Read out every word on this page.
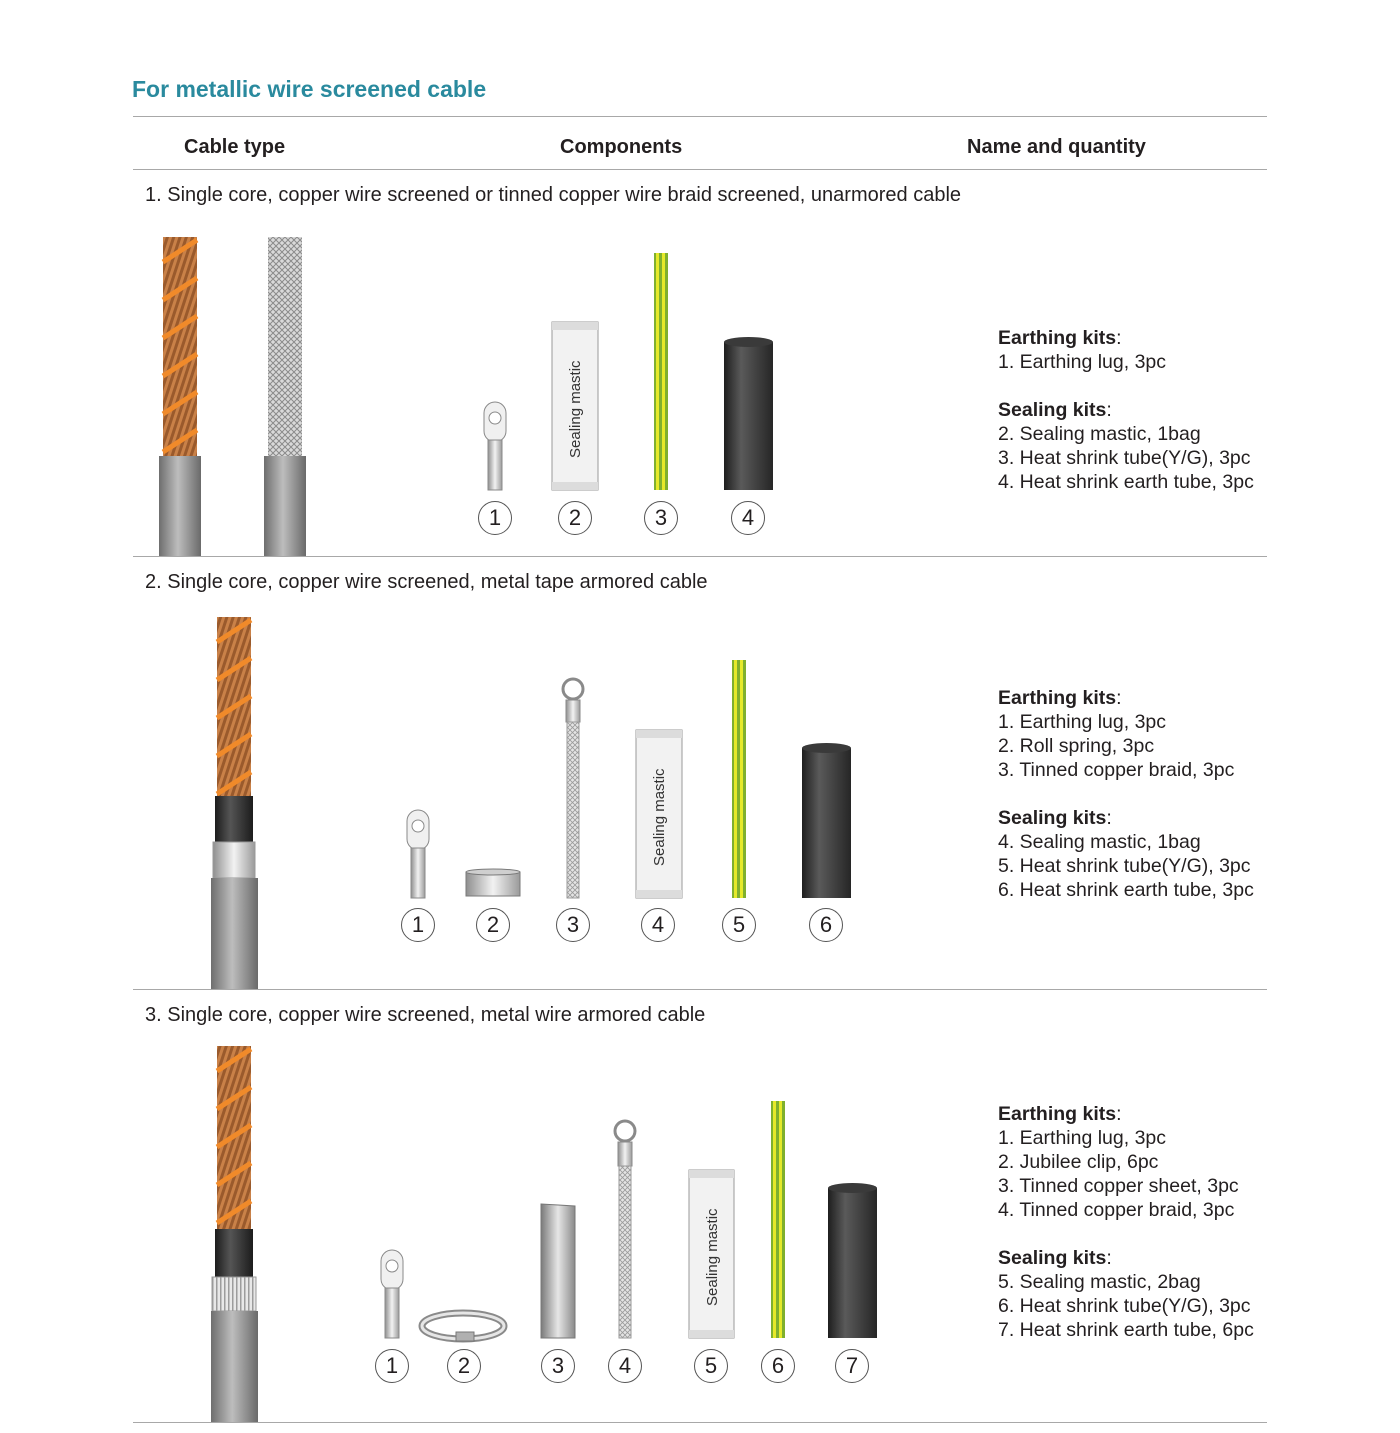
For metallic wire screened cable
Cable type	Components	Name and quantity
Sealing mastic
Sealing mastic
Sealing mastic
1. Single core, copper wire screened or tinned copper wire braid screened, unarmored cable
1	2	3	4
Earthing kits:
1. Earthing lug, 3pc
Sealing kits:
2. Sealing mastic, 1bag
3. Heat shrink tube(Y/G), 3pc
4. Heat shrink earth tube, 3pc
2. Single core, copper wire screened, metal tape armored cable
1	2	3	4	5	6
Earthing kits:
1. Earthing lug, 3pc
2. Roll spring, 3pc
3. Tinned copper braid, 3pc
Sealing kits:
4. Sealing mastic, 1bag
5. Heat shrink tube(Y/G), 3pc
6. Heat shrink earth tube, 3pc
3. Single core, copper wire screened, metal wire armored cable
1	2	3	4	5	6	7
Earthing kits:
1. Earthing lug, 3pc
2. Jubilee clip, 6pc
3. Tinned copper sheet, 3pc
4. Tinned copper braid, 3pc
Sealing kits:
5. Sealing mastic, 2bag
6. Heat shrink tube(Y/G), 3pc
7. Heat shrink earth tube, 6pc
